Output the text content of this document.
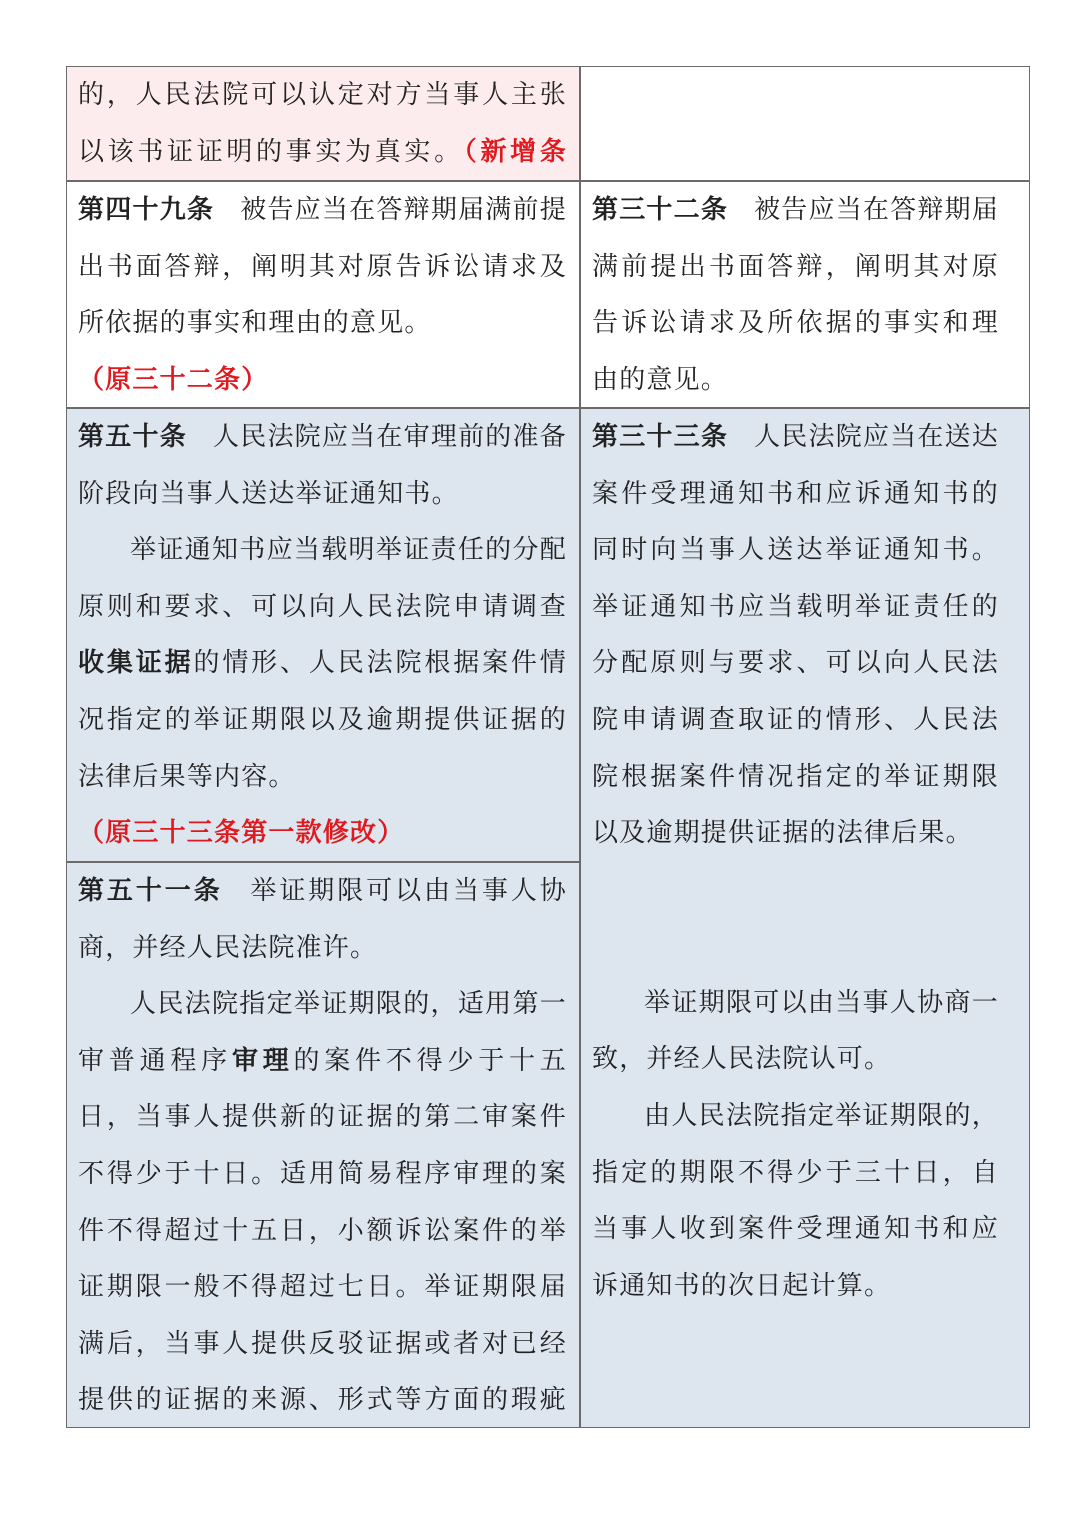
的，人民法院可以认定对方当事人主张以该书证证明的事实为真实。（新增条
第四十九条 被告应当在答辩期届满前提出书面答辩，阐明其对原告诉讼请求及所依据的事实和理由的意见。
（原三十二条）
第三十二条 被告应当在答辩期届满前提出书面答辩，阐明其对原告诉讼请求及所依据的事实和理由的意见。
第五十条 人民法院应当在审理前的准备阶段向当事人送达举证通知书。
举证通知书应当载明举证责任的分配原则和要求、可以向人民法院申请调查收集证据的情形、人民法院根据案件情况指定的举证期限以及逾期提供证据的法律后果等内容。
（原三十三条第一款修改）
第五十一条 举证期限可以由当事人协商，并经人民法院准许。
人民法院指定举证期限的，适用第一审普通程序审理的案件不得少于十五日，当事人提供新的证据的第二审案件不得少于十日。适用简易程序审理的案件不得超过十五日，小额诉讼案件的举证期限一般不得超过七日。举证期限届满后，当事人提供反驳证据或者对已经提供的证据的来源、形式等方面的瑕疵
第三十三条 人民法院应当在送达案件受理通知书和应诉通知书的同时向当事人送达举证通知书。举证通知书应当载明举证责任的分配原则与要求、可以向人民法院申请调查取证的情形、人民法院根据案件情况指定的举证期限以及逾期提供证据的法律后果。
举证期限可以由当事人协商一致，并经人民法院认可。
由人民法院指定举证期限的，指定的期限不得少于三十日，自当事人收到案件受理通知书和应诉通知书的次日起计算。
